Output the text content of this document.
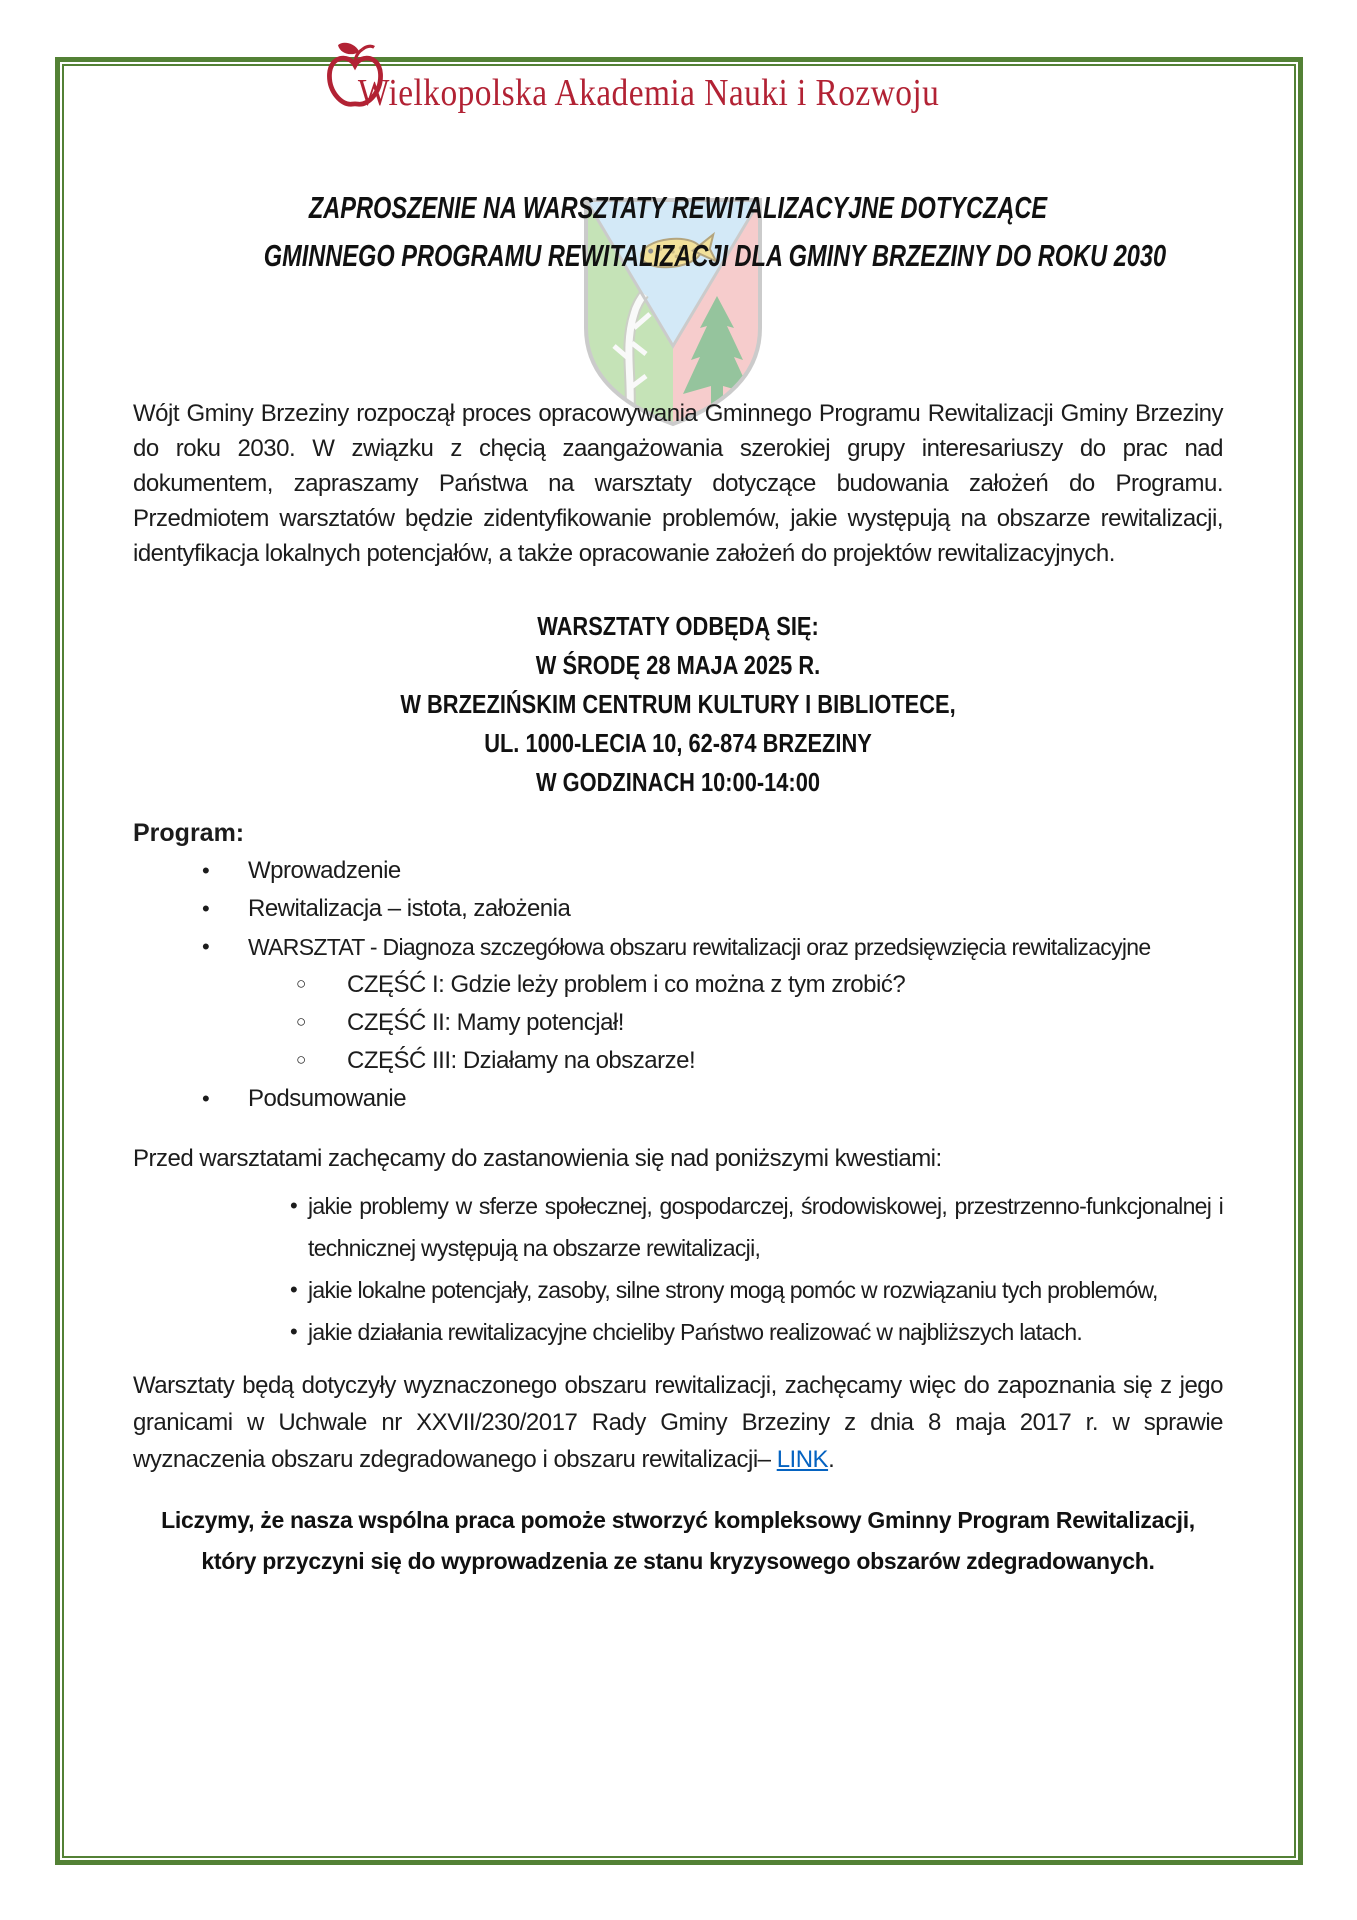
Wielkopolska Akademia Nauki i Rozwoju
ZAPROSZENIE NA WARSZTATY REWITALIZACYJNE DOTYCZĄCE
GMINNEGO PROGRAMU REWITALIZACJI DLA GMINY BRZEZINY DO ROKU 2030

Wójt Gminy Brzeziny rozpoczął proces opracowywania Gminnego Programu Rewitalizacji Gminy Brzeziny do roku 2030. W związku z chęcią zaangażowania szerokiej grupy interesariuszy do prac nad dokumentem, zapraszamy Państwa na warsztaty dotyczące budowania założeń do Programu. Przedmiotem warsztatów będzie zidentyfikowanie problemów, jakie występują na obszarze rewitalizacji, identyfikacja lokalnych potencjałów, a także opracowanie założeń do projektów rewitalizacyjnych.

WARSZTATY ODBĘDĄ SIĘ:
W ŚRODĘ 28 MAJA 2025 R.
W BRZEZIŃSKIM CENTRUM KULTURY I BIBLIOTECE,
UL. 1000-LECIA 10, 62-874 BRZEZINY
W GODZINACH 10:00-14:00
Program:
• Wprowadzenie
• Rewitalizacja – istota, założenia
• WARSZTAT - Diagnoza szczegółowa obszaru rewitalizacji oraz przedsięwzięcia rewitalizacyjne
○ CZĘŚĆ I: Gdzie leży problem i co można z tym zrobić?
○ CZĘŚĆ II: Mamy potencjał!
○ CZĘŚĆ III: Działamy na obszarze!
• Podsumowanie

Przed warsztatami zachęcamy do zastanowienia się nad poniższymi kwestiami:

• jakie problemy w sferze społecznej, gospodarczej, środowiskowej, przestrzenno-funkcjonalnej i technicznej występują na obszarze rewitalizacji,
• jakie lokalne potencjały, zasoby, silne strony mogą pomóc w rozwiązaniu tych problemów,
• jakie działania rewitalizacyjne chcieliby Państwo realizować w najbliższych latach.

Warsztaty będą dotyczyły wyznaczonego obszaru rewitalizacji, zachęcamy więc do zapoznania się z jego granicami w Uchwale nr XXVII/230/2017 Rady Gminy Brzeziny z dnia 8 maja 2017 r. w sprawie wyznaczenia obszaru zdegradowanego i obszaru rewitalizacji– LINK.

Liczymy, że nasza wspólna praca pomoże stworzyć kompleksowy Gminny Program Rewitalizacji,
który przyczyni się do wyprowadzenia ze stanu kryzysowego obszarów zdegradowanych.
